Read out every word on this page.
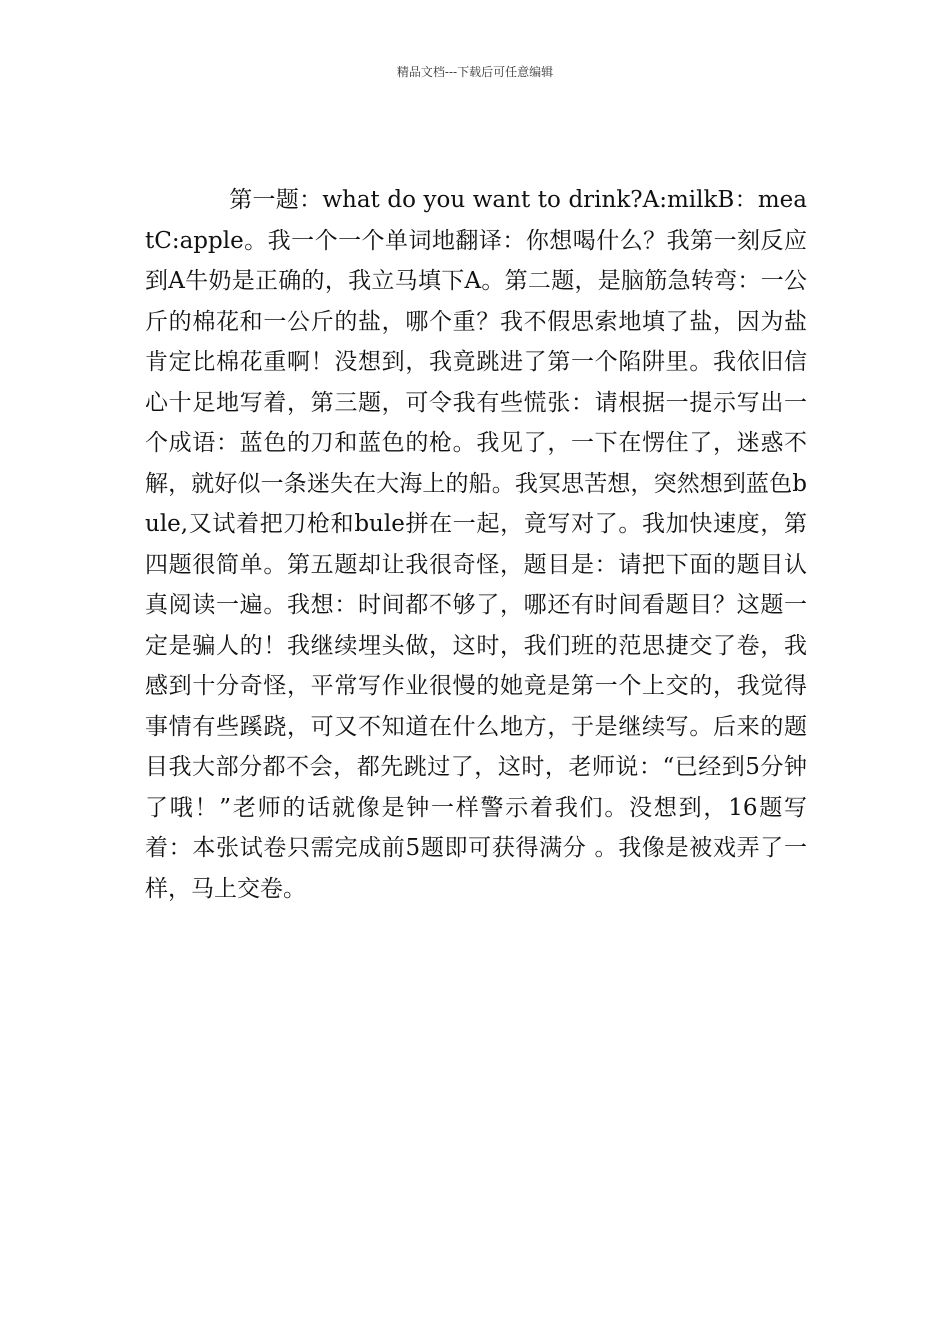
精品文档---下载后可任意编辑

第一题：what do you want to drink?A:milkB：meatC:apple。我一个一个单词地翻译：你想喝什么？我第一刻反应到A牛奶是正确的，我立马填下A。第二题，是脑筋急转弯：一公斤的棉花和一公斤的盐，哪个重？我不假思索地填了盐，因为盐肯定比棉花重啊！没想到，我竟跳进了第一个陷阱里。我依旧信心十足地写着，第三题，可令我有些慌张：请根据一提示写出一个成语：蓝色的刀和蓝色的枪。我见了，一下在愣住了，迷惑不解，就好似一条迷失在大海上的船。我冥思苦想，突然想到蓝色bule,又试着把刀枪和bule拼在一起，竟写对了。我加快速度，第四题很简单。第五题却让我很奇怪，题目是：请把下面的题目认真阅读一遍。我想：时间都不够了，哪还有时间看题目？这题一定是骗人的！我继续埋头做，这时，我们班的范思捷交了卷，我感到十分奇怪，平常写作业很慢的她竟是第一个上交的，我觉得事情有些蹊跷，可又不知道在什么地方，于是继续写。后来的题目我大部分都不会，都先跳过了，这时，老师说：“已经到5分钟了哦！”老师的话就像是钟一样警示着我们。没想到，16题写着：本张试卷只需完成前5题即可获得满分 。我像是被戏弄了一样，马上交卷。
